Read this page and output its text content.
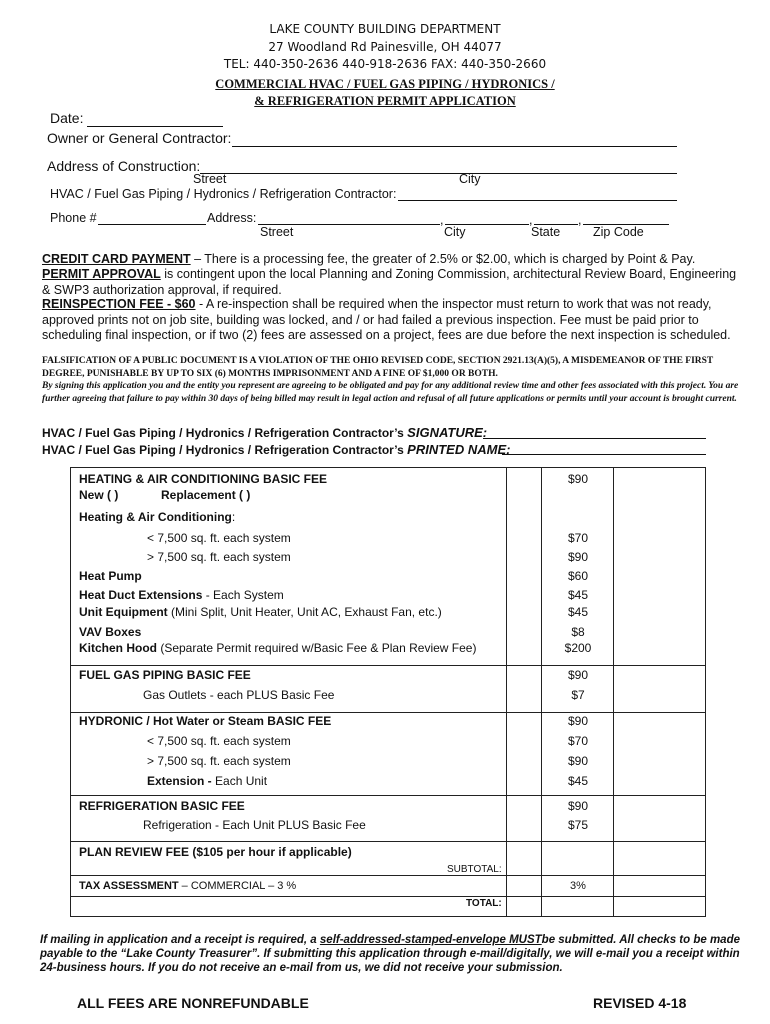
LAKE COUNTY BUILDING DEPARTMENT
27 Woodland Rd Painesville, OH 44077
TEL: 440-350-2636 440-918-2636 FAX: 440-350-2660
COMMERCIAL HVAC / FUEL GAS PIPING / HYDRONICS /
& REFRIGERATION PERMIT APPLICATION
Date:
Owner or General Contractor:
Address of Construction:
Street	City
HVAC / Fuel Gas Piping / Hydronics / Refrigeration Contractor:
Phone #	Address:	,	,	,
Street	City	State	Zip Code
CREDIT CARD PAYMENT – There is a processing fee, the greater of 2.5% or $2.00, which is charged by Point & Pay.
PERMIT APPROVAL is contingent upon the local Planning and Zoning Commission, architectural Review Board, Engineering & SWP3 authorization approval, if required.
REINSPECTION FEE - $60 - A re-inspection shall be required when the inspector must return to work that was not ready, approved prints not on job site, building was locked, and / or had failed a previous inspection. Fee must be paid prior to scheduling final inspection, or if two (2) fees are assessed on a project, fees are due before the next inspection is scheduled.
FALSIFICATION OF A PUBLIC DOCUMENT IS A VIOLATION OF THE OHIO REVISED CODE, SECTION 2921.13(A)(5), A MISDEMEANOR OF THE FIRST DEGREE, PUNISHABLE BY UP TO SIX (6) MONTHS IMPRISONMENT AND A FINE OF $1,000 OR BOTH.
By signing this application you and the entity you represent are agreeing to be obligated and pay for any additional review time and other fees associated with this project. You are further agreeing that failure to pay within 30 days of being billed may result in legal action and refusal of all future applications or permits until your account is brought current.
HVAC / Fuel Gas Piping / Hydronics / Refrigeration Contractor’s SIGNATURE:
HVAC / Fuel Gas Piping / Hydronics / Refrigeration Contractor’s PRINTED NAME:
HEATING & AIR CONDITIONING BASIC FEE	$90
New ( )	Replacement ( )
Heating & Air Conditioning:
< 7,500 sq. ft. each system	$70
> 7,500 sq. ft. each system	$90
Heat Pump	$60
Heat Duct Extensions - Each System	$45
Unit Equipment (Mini Split, Unit Heater, Unit AC, Exhaust Fan, etc.)	$45
VAV Boxes	$8
Kitchen Hood (Separate Permit required w/Basic Fee & Plan Review Fee)	$200
FUEL GAS PIPING BASIC FEE	$90
Gas Outlets - each PLUS Basic Fee	$7
HYDRONIC / Hot Water or Steam BASIC FEE	$90
< 7,500 sq. ft. each system	$70
> 7,500 sq. ft. each system	$90
Extension - Each Unit	$45
REFRIGERATION BASIC FEE	$90
Refrigeration - Each Unit PLUS Basic Fee	$75
PLAN REVIEW FEE ($105 per hour if applicable)
SUBTOTAL:
TAX ASSESSMENT – COMMERCIAL – 3 %	3%
TOTAL:
If mailing in application and a receipt is required, a self-addressed-stamped-envelope MUSTbe submitted. All checks to be made payable to the “Lake County Treasurer”. If submitting this application through e-mail/digitally, we will e-mail you a receipt within 24-business hours. If you do not receive an e-mail from us, we did not receive your submission.
ALL FEES ARE NONREFUNDABLE	REVISED 4-18
